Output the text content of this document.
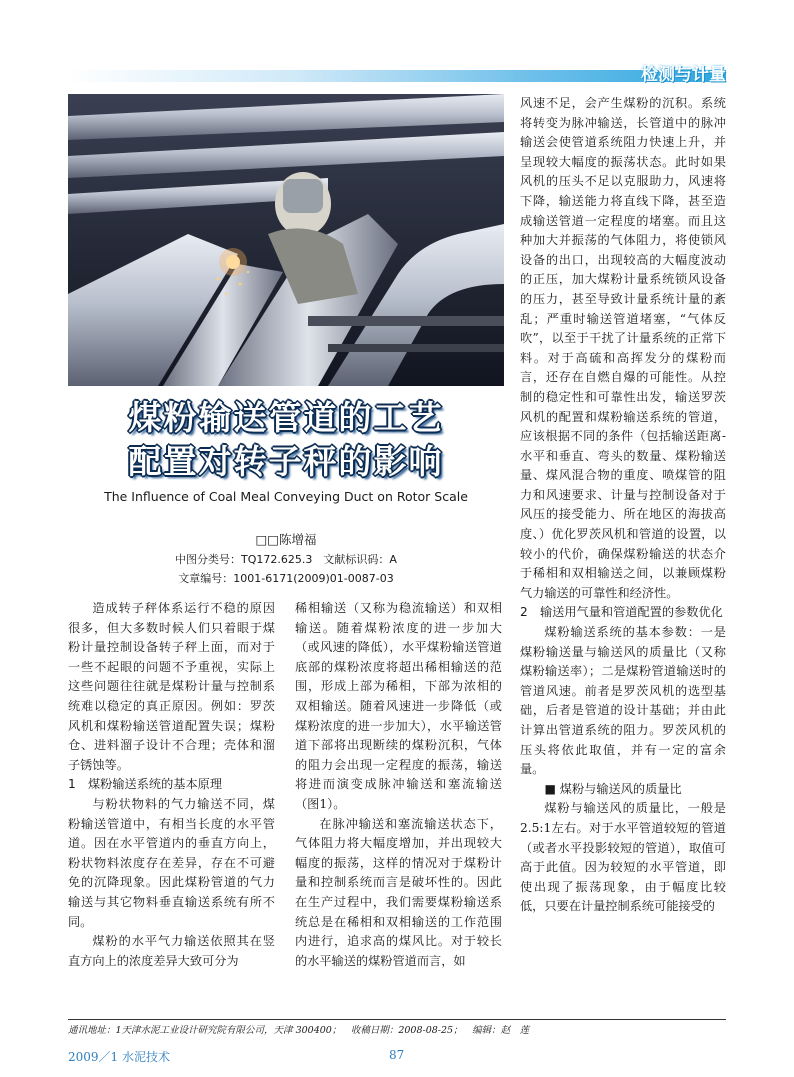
检测与计量
煤粉输送管道的工艺
配置对转子秤的影响
The Influence of Coal Meal Conveying Duct on Rotor Scale
□□陈增福
中图分类号：TQ172.625.3　文献标识码：A
文章编号：1001-6171(2009)01-0087-03

造成转子秤体系运行不稳的原因很多，但大多数时候人们只着眼于煤粉计量控制设备转子秤上面，而对于一些不起眼的问题不予重视，实际上这些问题往往就是煤粉计量与控制系统难以稳定的真正原因。例如：罗茨风机和煤粉输送管道配置失误；煤粉仓、进料溜子设计不合理；壳体和溜子锈蚀等。

1　煤粉输送系统的基本原理

与粉状物料的气力输送不同，煤粉输送管道中，有相当长度的水平管道。因在水平管道内的垂直方向上，粉状物料浓度存在差异，存在不可避免的沉降现象。因此煤粉管道的气力输送与其它物料垂直输送系统有所不同。

煤粉的水平气力输送依照其在竖直方向上的浓度差异大致可分为

稀相输送（又称为稳流输送）和双相输送。随着煤粉浓度的进一步加大（或风速的降低），水平煤粉输送管道底部的煤粉浓度将超出稀相输送的范围，形成上部为稀相，下部为浓相的双相输送。随着风速进一步降低（或煤粉浓度的进一步加大），水平输送管道下部将出现断续的煤粉沉积，气体的阻力会出现一定程度的振荡，输送将进而演变成脉冲输送和塞流输送（图1）。

在脉冲输送和塞流输送状态下，气体阻力将大幅度增加，并出现较大幅度的振荡，这样的情况对于煤粉计量和控制系统而言是破坏性的。因此在生产过程中，我们需要煤粉输送系统总是在稀相和双相输送的工作范围内进行，追求高的煤风比。对于较长的水平输送的煤粉管道而言，如

风速不足，会产生煤粉的沉积。系统将转变为脉冲输送，长管道中的脉冲输送会使管道系统阻力快速上升，并呈现较大幅度的振荡状态。此时如果风机的压头不足以克服助力，风速将下降，输送能力将直线下降，甚至造成输送管道一定程度的堵塞。而且这种加大并振荡的气体阻力，将使锁风设备的出口，出现较高的大幅度波动的正压，加大煤粉计量系统锁风设备的压力，甚至导致计量系统计量的紊乱；严重时输送管道堵塞，“气体反吹”，以至于干扰了计量系统的正常下料。对于高硫和高挥发分的煤粉而言，还存在自燃自爆的可能性。从控制的稳定性和可靠性出发，输送罗茨风机的配置和煤粉输送系统的管道，应该根据不同的条件（包括输送距离-水平和垂直、弯头的数量、煤粉输送量、煤风混合物的重度、喷煤管的阻力和风速要求、计量与控制设备对于风压的接受能力、所在地区的海拔高度、）优化罗茨风机和管道的设置，以较小的代价，确保煤粉输送的状态介于稀相和双相输送之间，以兼顾煤粉气力输送的可靠性和经济性。

2　输送用气量和管道配置的参数优化

煤粉输送系统的基本参数：一是煤粉输送量与输送风的质量比（又称煤粉输送率）；二是煤粉管道输送时的管道风速。前者是罗茨风机的选型基础，后者是管道的设计基础；并由此计算出管道系统的阻力。罗茨风机的压头将依此取值，并有一定的富余量。

■ 煤粉与输送风的质量比

煤粉与输送风的质量比，一般是2.5:1左右。对于水平管道较短的管道（或者水平投影较短的管道），取值可高于此值。因为较短的水平管道，即使出现了振荡现象，由于幅度比较低，只要在计量控制系统可能接受的

通讯地址：1天津水泥工业设计研究院有限公司，天津 300400；　收稿日期：2008-08-25；　编辑：赵　莲
2009／1 水泥技术	87
